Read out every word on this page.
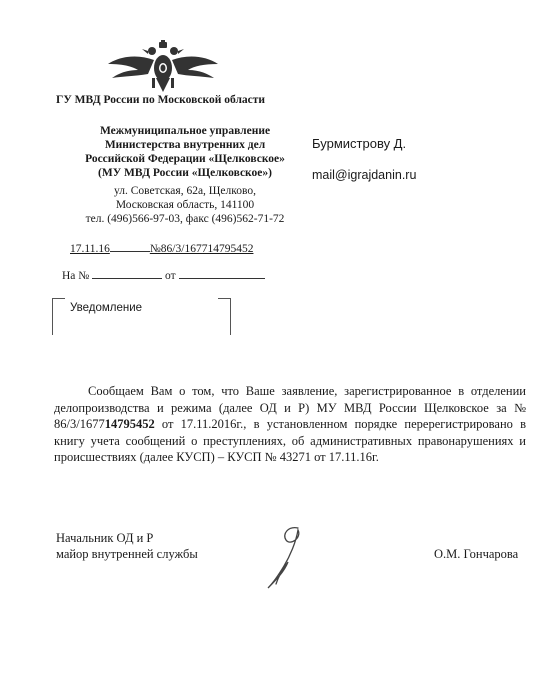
ГУ МВД России по Московской области
Межмуниципальное управление
Министерства внутренних дел
Российской Федерации «Щелковское»
(МУ МВД России «Щелковское»)
ул. Советская, 62а, Щелково,
Московская область, 141100
тел. (496)566-97-03, факс (496)562-71-72
17.11.16	№86/3/167714795452
На №	от
Бурмистрову Д.
mail@igrajdanin.ru
Уведомление

Сообщаем Вам о том, что Ваше заявление, зарегистрированное в отделении делопроизводства и режима (далее ОД и Р) МУ МВД России Щелковское за № 86/3/167714795452 от 17.11.2016г., в установленном порядке перерегистрировано в книгу учета сообщений о преступлениях, об административных правонарушениях и происшествиях (далее КУСП) – КУСП № 43271 от 17.11.16г.

Начальник ОД и Р
майор внутренней службы	О.М. Гончарова
